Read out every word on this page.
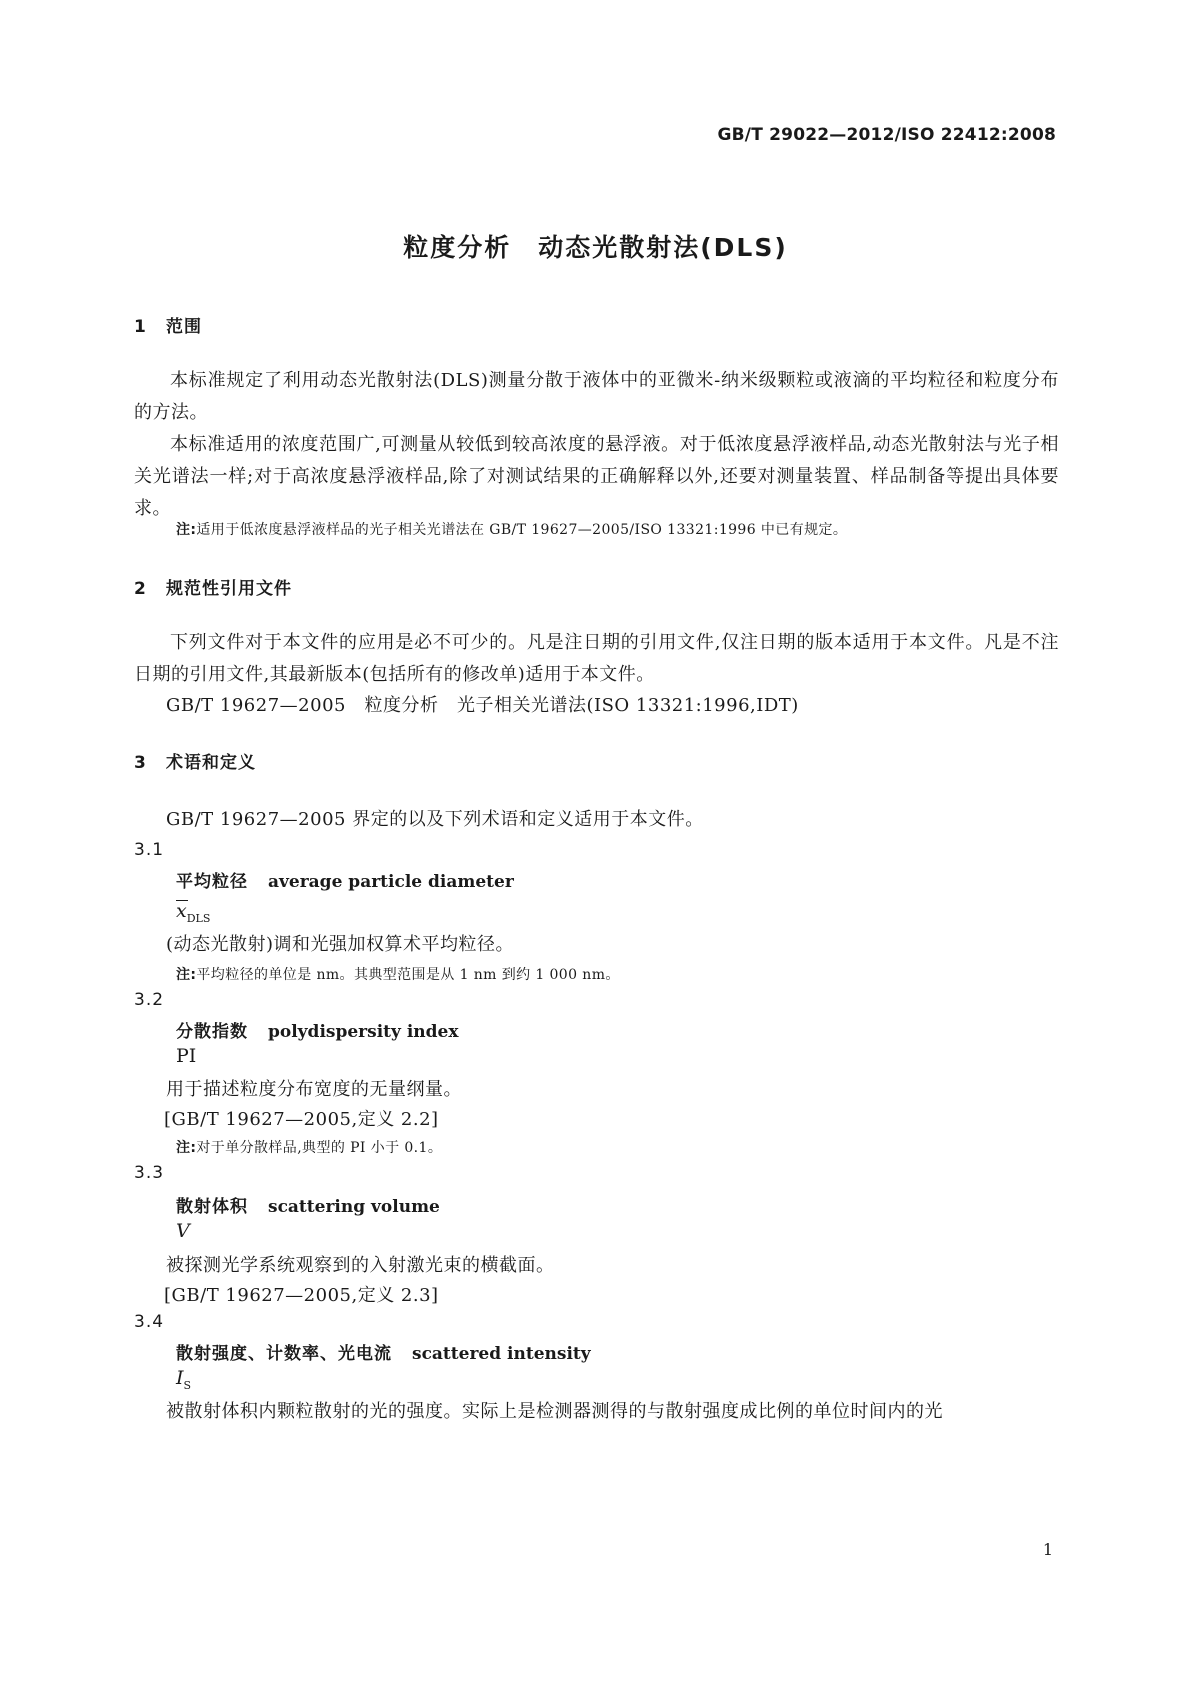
GB/T 29022—2012/ISO 22412:2008
粒度分析　动态光散射法(DLS)
1 范围
本标准规定了利用动态光散射法(DLS)测量分散于液体中的亚微米-纳米级颗粒或液滴的平均粒径和粒度分布的方法。
本标准适用的浓度范围广,可测量从较低到较高浓度的悬浮液。对于低浓度悬浮液样品,动态光散射法与光子相关光谱法一样;对于高浓度悬浮液样品,除了对测试结果的正确解释以外,还要对测量装置、样品制备等提出具体要求。
注:适用于低浓度悬浮液样品的光子相关光谱法在 GB/T 19627—2005/ISO 13321:1996 中已有规定。
2 规范性引用文件
下列文件对于本文件的应用是必不可少的。凡是注日期的引用文件,仅注日期的版本适用于本文件。凡是不注日期的引用文件,其最新版本(包括所有的修改单)适用于本文件。
GB/T 19627—2005　粒度分析　光子相关光谱法(ISO 13321:1996,IDT)
3 术语和定义
GB/T 19627—2005 界定的以及下列术语和定义适用于本文件。
3.1
平均粒径 average particle diameter
$x_{DLS}$
(动态光散射)调和光强加权算术平均粒径。
注:平均粒径的单位是 nm。其典型范围是从 1 nm 到约 1 000 nm。
3.2
分散指数 polydispersity index
PI
用于描述粒度分布宽度的无量纲量。
[GB/T 19627—2005,定义 2.2]
注:对于单分散样品,典型的 PI 小于 0.1。
3.3
散射体积 scattering volume
V
被探测光学系统观察到的入射激光束的横截面。
[GB/T 19627—2005,定义 2.3]
3.4
散射强度、计数率、光电流 scattered intensity
$I_S$
被散射体积内颗粒散射的光的强度。实际上是检测器测得的与散射强度成比例的单位时间内的光
1
